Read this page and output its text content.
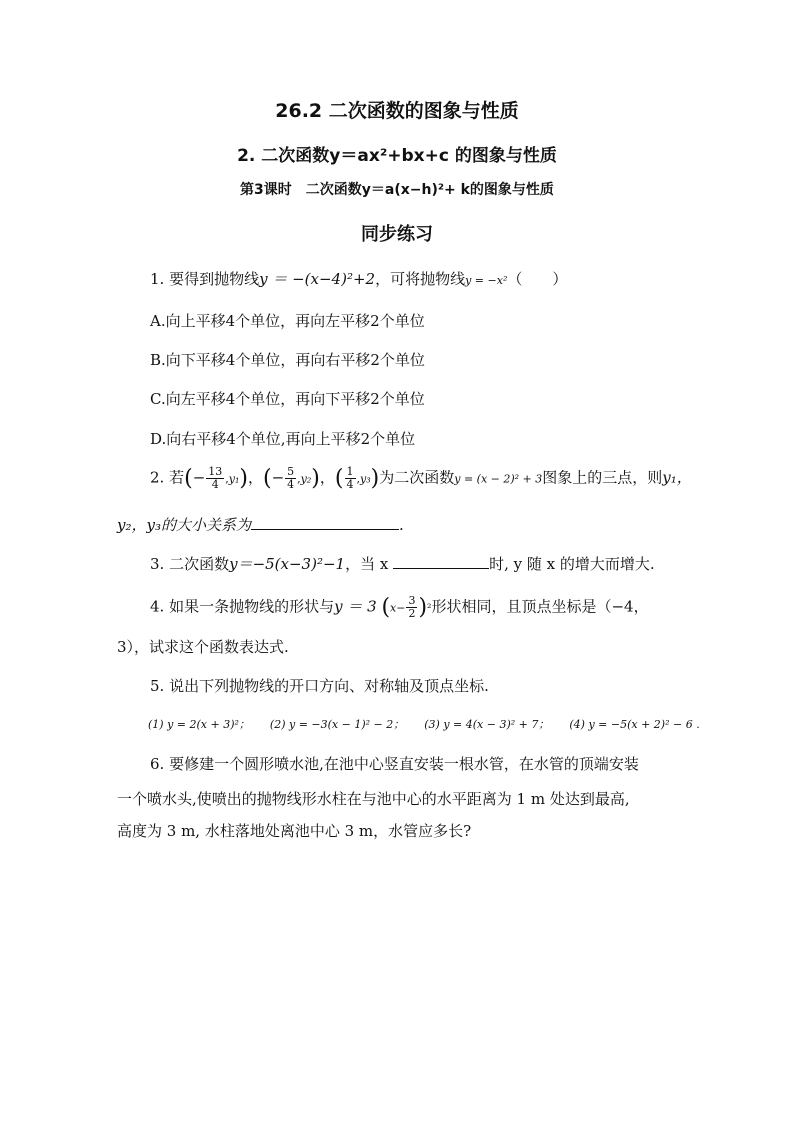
26.2 二次函数的图象与性质
2. 二次函数y＝ax²+bx+c 的图象与性质
第3课时　二次函数y＝a(x−h)²+ k的图象与性质
同步练习
1. 要得到抛物线y ＝ −(x−4)²+2，可将抛物线y = −x²（　　）
A.向上平移4个单位，再向左平移2个单位
B.向下平移4个单位，再向右平移2个单位
C.向左平移4个单位，再向下平移2个单位
D.向右平移4个单位,再向上平移2个单位
2. 若(− $\frac{13}{4} ,y_1$)，(− $\frac{5}{4} ,y_2$)，( $\frac{1}{4} ,y_3$)为二次函数y = (x − 2)² + 3图象上的三点，则y₁，
y₂，y₃的大小关系为	.
3. 二次函数y＝−5(x−3)²−1，当 x	时, y 随 x 的增大而增大.
4. 如果一条抛物线的形状与y ＝ 3 $(x- \frac{3}{2} )^2$形状相同，且顶点坐标是（−4，
3），试求这个函数表达式.
5. 说出下列抛物线的开口方向、对称轴及顶点坐标.
(1) y = 2(x + 3)²； (2) y = −3(x − 1)² − 2； (3) y = 4(x − 3)² + 7； (4) y = −5(x + 2)² − 6 .
6. 要修建一个圆形喷水池,在池中心竖直安装一根水管，在水管的顶端安装
一个喷水头,使喷出的抛物线形水柱在与池中心的水平距离为 1 m 处达到最高,
高度为 3 m, 水柱落地处离池中心 3 m，水管应多长?
